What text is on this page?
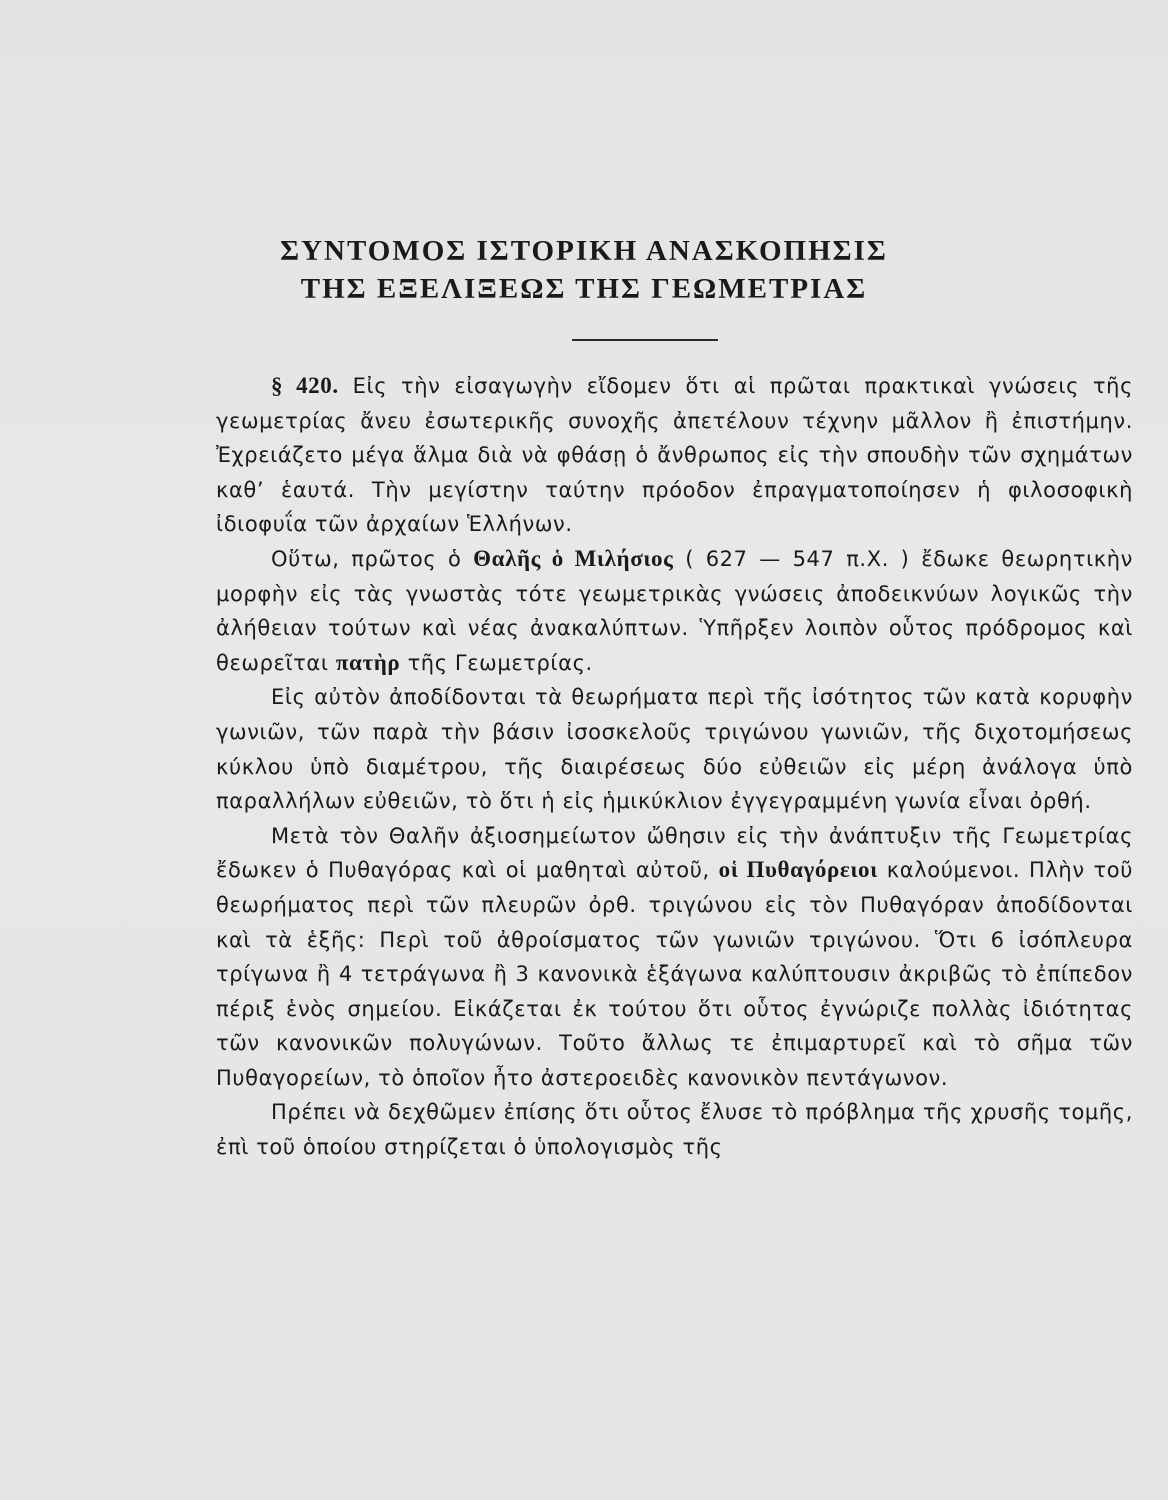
ΣΥΝΤΟΜΟΣ ΙΣΤΟΡΙΚΗ ΑΝΑΣΚΟΠΗΣΙΣ
ΤΗΣ ΕΞΕΛΙΞΕΩΣ ΤΗΣ ΓΕΩΜΕΤΡΙΑΣ

§ 420. Εἰς τὴν εἰσαγωγὴν εἴδομεν ὅτι αἱ πρῶται πρακτικαὶ γνώσεις τῆς γεωμετρίας ἄνευ ἐσωτερικῆς συνοχῆς ἀπετέλουν τέχνην μᾶλλον ἢ ἐπιστήμην. Ἐχρειάζετο μέγα ἅλμα διὰ νὰ φθάσῃ ὁ ἄνθρωπος εἰς τὴν σπουδὴν τῶν σχημάτων καθ’ ἑαυτά. Τὴν μεγίστην ταύτην πρόοδον ἐπραγματοποίησεν ἡ φιλοσοφικὴ ἰδιοφυΐα τῶν ἀρχαίων Ἑλλήνων.

Οὕτω, πρῶτος ὁ Θαλῆς ὁ Μιλήσιος ( 627 — 547 π.Χ. ) ἔδωκε θεωρητικὴν μορφὴν εἰς τὰς γνωστὰς τότε γεωμετρικὰς γνώσεις ἀποδεικνύων λογικῶς τὴν ἀλήθειαν τούτων καὶ νέας ἀνακαλύπτων. Ὑπῆρξεν λοιπὸν οὗτος πρόδρομος καὶ θεωρεῖται πατὴρ τῆς Γεωμετρίας.

Εἰς αὐτὸν ἀποδίδονται τὰ θεωρήματα περὶ τῆς ἰσότητος τῶν κατὰ κορυφὴν γωνιῶν, τῶν παρὰ τὴν βάσιν ἰσοσκελοῦς τριγώνου γωνιῶν, τῆς διχοτομήσεως κύκλου ὑπὸ διαμέτρου, τῆς διαιρέσεως δύο εὐθειῶν εἰς μέρη ἀνάλογα ὑπὸ παραλλήλων εὐθειῶν, τὸ ὅτι ἡ εἰς ἡμικύκλιον ἐγγεγραμμένη γωνία εἶναι ὀρθή.

Μετὰ τὸν Θαλῆν ἀξιοσημείωτον ὤθησιν εἰς τὴν ἀνάπτυξιν τῆς Γεωμετρίας ἔδωκεν ὁ Πυθαγόρας καὶ οἱ μαθηταὶ αὐτοῦ, οἱ Πυθαγόρειοι καλούμενοι. Πλὴν τοῦ θεωρήματος περὶ τῶν πλευρῶν ὀρθ. τριγώνου εἰς τὸν Πυθαγόραν ἀποδίδονται καὶ τὰ ἑξῆς: Περὶ τοῦ ἀθροίσματος τῶν γωνιῶν τριγώνου. Ὅτι 6 ἰσόπλευρα τρίγωνα ἢ 4 τετράγωνα ἢ 3 κανονικὰ ἑξάγωνα καλύπτουσιν ἀκριβῶς τὸ ἐπίπεδον πέριξ ἑνὸς σημείου. Εἰκάζεται ἐκ τούτου ὅτι οὗτος ἐγνώριζε πολλὰς ἰδιότητας τῶν κανονικῶν πολυγώνων. Τοῦτο ἄλλως τε ἐπιμαρτυρεῖ καὶ τὸ σῆμα τῶν Πυθαγορείων, τὸ ὁποῖον ἦτο ἀστεροειδὲς κανονικὸν πεντάγωνον.

Πρέπει νὰ δεχθῶμεν ἐπίσης ὅτι οὗτος ἔλυσε τὸ πρόβλημα τῆς χρυσῆς τομῆς, ἐπὶ τοῦ ὁποίου στηρίζεται ὁ ὑπολογισμὸς τῆς
